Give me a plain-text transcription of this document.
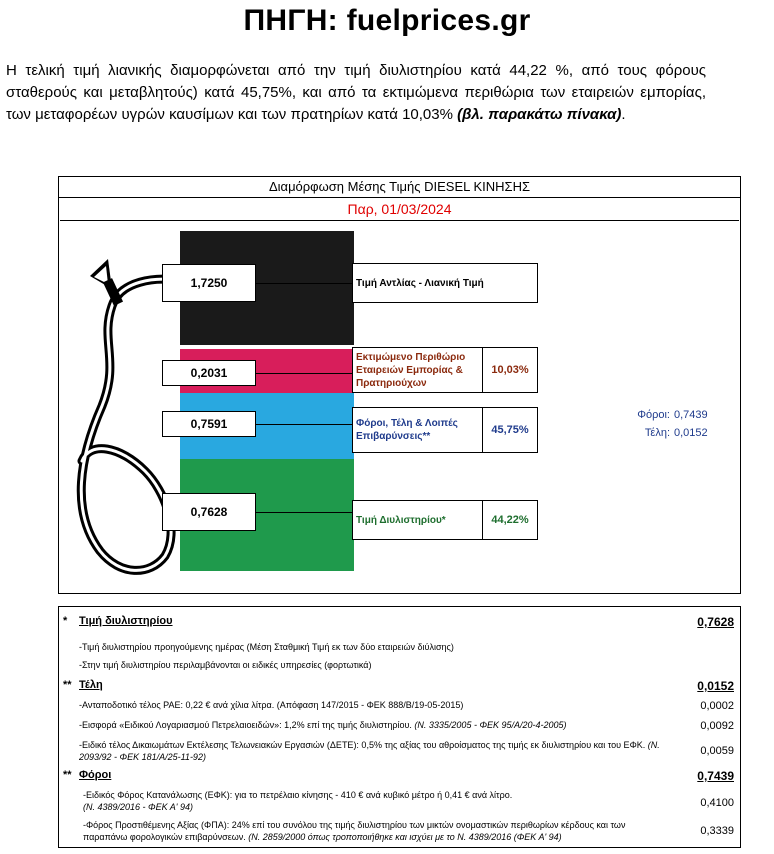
ΠΗΓΗ: fuelprices.gr
Η τελική τιμή λιανικής διαμορφώνεται από την τιμή διυλιστηρίου κατά 44,22 %, από τους φόρους σταθερούς και μεταβλητούς) κατά 45,75%, και από τα εκτιμώμενα περιθώρια των εταιρειών εμπορίας, των μεταφορέων υγρών καυσίμων και των πρατηρίων κατά 10,03% (βλ. παρακάτω πίνακα).
Διαμόρφωση Μέσης Τιμής DIESEL ΚΙΝΗΣΗΣ
Παρ, 01/03/2024
1,7250
0,2031
0,7591
0,7628
Τιμή Αντλίας - Λιανική Τιμή
Εκτιμώμενο Περιθώριο Εταιρειών Εμπορίας & Πρατηριούχων
10,03%
Φόροι, Τέλη & Λοιπές Επιβαρύνσεις**
45,75%
Τιμή Διυλιστηρίου*	44,22%
Φόροι: 0,7439
Τέλη: 0,0152
* Τιμή διυλιστηρίου	0,7628
-Τιμή διυλιστηρίου προηγούμενης ημέρας (Μέση Σταθμική Τιμή εκ των δύο εταιρειών διύλισης)
-Στην τιμή διυλιστηρίου περιλαμβάνονται οι ειδικές υπηρεσίες (φορτωτικά)
** Τέλη	0,0152
-Ανταποδοτικό τέλος ΡΑΕ: 0,22 € ανά χίλια λίτρα. (Απόφαση 147/2015 - ΦΕΚ 888/Β/19-05-2015)	0,0002
-Εισφορά «Ειδικού Λογαριασμού Πετρελαιοειδών»: 1,2% επί της τιμής διυλιστηρίου. (Ν. 3335/2005 - ΦΕΚ 95/Α/20-4-2005)	0,0092
-Ειδικό τέλος Δικαιωμάτων Εκτέλεσης Τελωνειακών Εργασιών (ΔΕΤΕ): 0,5% της αξίας του αθροίσματος της τιμής εκ διυλιστηρίου και του ΕΦΚ. (Ν. 2093/92 - ΦΕΚ 181/Α/25-11-92)	0,0059
** Φόροι	0,7439
-Ειδικός Φόρος Κατανάλωσης (ΕΦΚ): για το πετρέλαιο κίνησης - 410 € ανά κυβικό μέτρο ή 0,41 € ανά λίτρο. (Ν. 4389/2016 - ΦΕΚ Α' 94)	0,4100
-Φόρος Προστιθέμενης Αξίας (ΦΠΑ): 24% επί του συνόλου της τιμής διυλιστηρίου των μικτών ονομαστικών περιθωρίων κέρδους και των παραπάνω φορολογικών επιβαρύνσεων. (Ν. 2859/2000 όπως τροποποιήθηκε και ισχύει με το Ν. 4389/2016 (ΦΕΚ Α' 94)	0,3339
